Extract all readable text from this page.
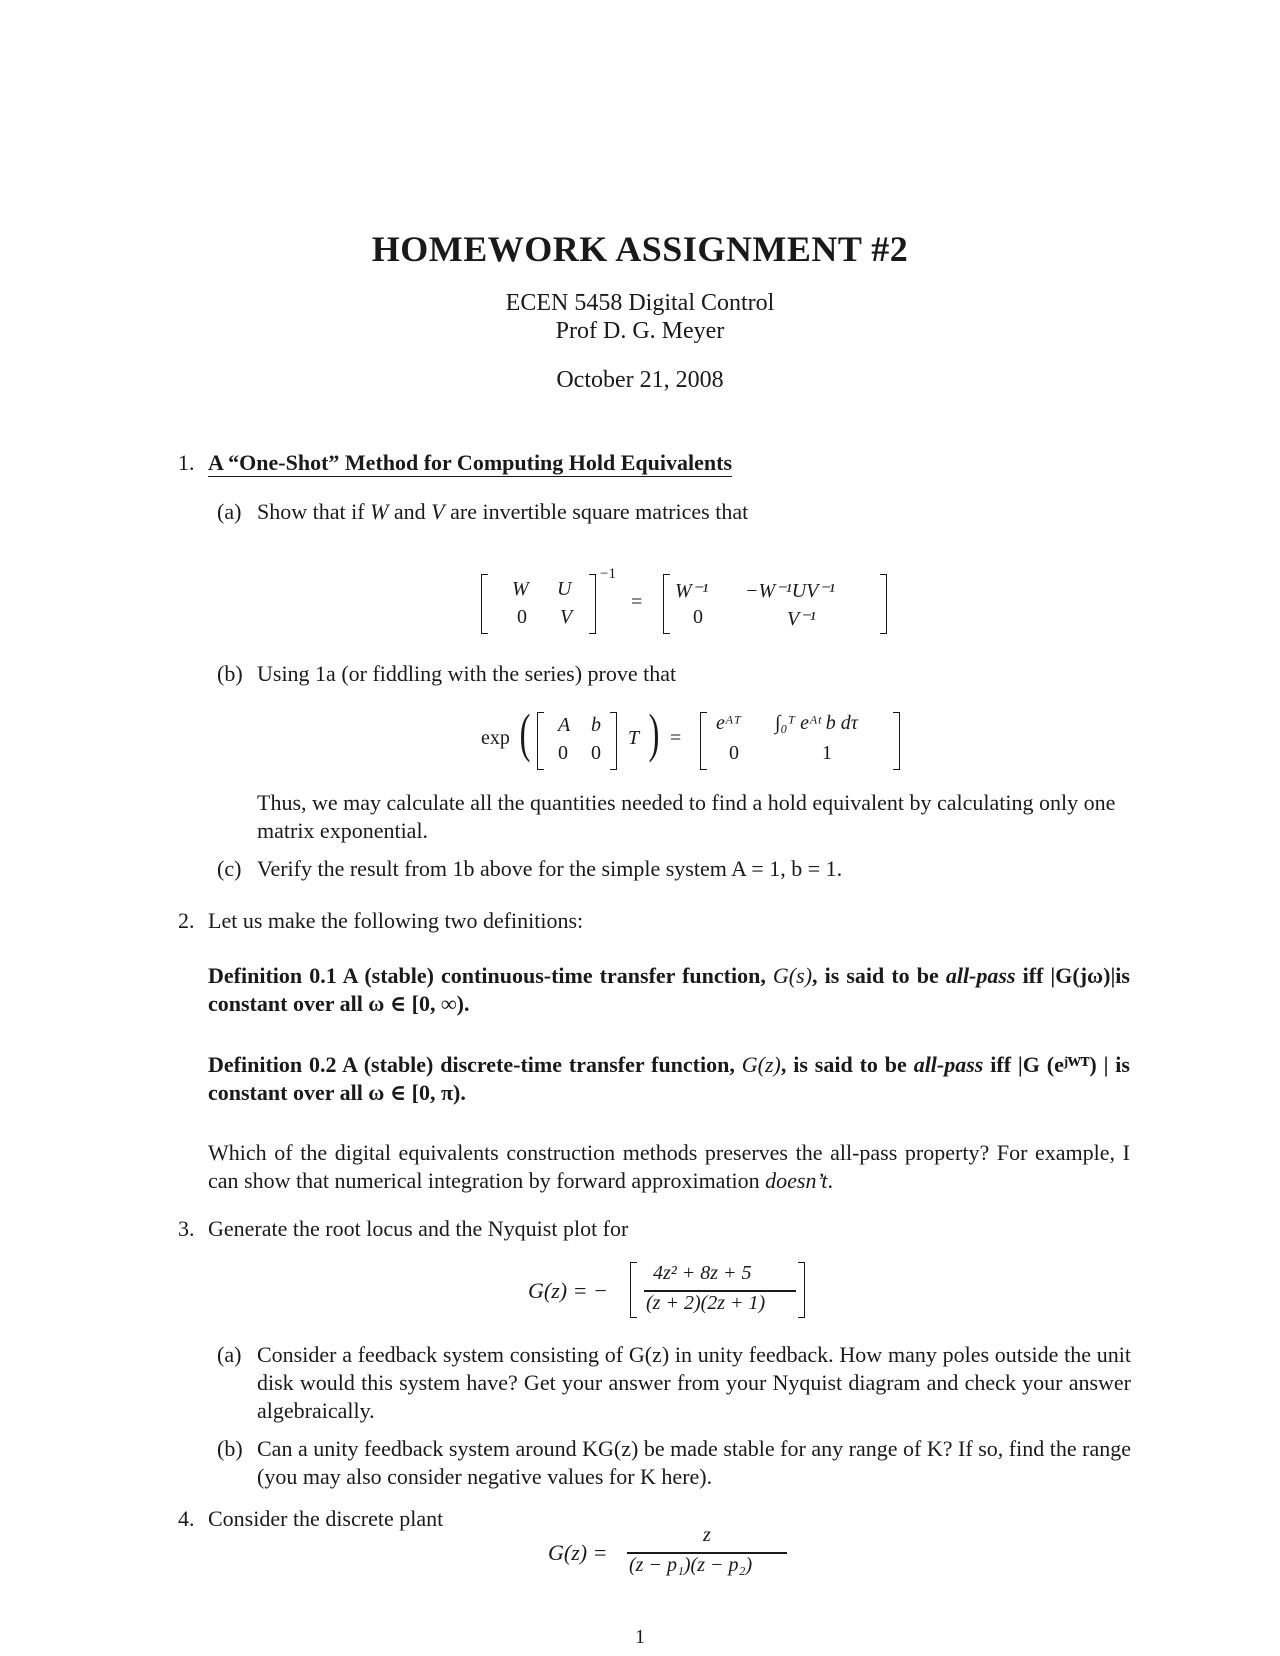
HOMEWORK ASSIGNMENT #2
ECEN 5458 Digital Control
Prof D. G. Meyer
October 21, 2008
1. A “One-Shot” Method for Computing Hold Equivalents
(a) Show that if W and V are invertible square matrices that
W U
0 V
−1
= W⁻¹
0
−W⁻¹UV⁻¹
V⁻¹
(b) Using 1a (or fiddling with the series) prove that
exp ( A b
0 0
T ) =
eᴬᵀ
0
∫₀ᵀ eᴬᵗ b dτ
1
Thus, we may calculate all the quantities needed to find a hold equivalent by calculating only one matrix exponential.
(c) Verify the result from 1b above for the simple system A = 1, b = 1.
2. Let us make the following two definitions:
Definition 0.1 A (stable) continuous-time transfer function, G(s), is said to be all-pass iff |G(jω)|is constant over all ω ∈ [0, ∞).
Definition 0.2 A (stable) discrete-time transfer function, G(z), is said to be all-pass iff |G (eʲᵂᵀ) | is constant over all ω ∈ [0, π).
Which of the digital equivalents construction methods preserves the all-pass property? For example, I can show that numerical integration by forward approximation doesn’t.
3. Generate the root locus and the Nyquist plot for
G(z) = −
4z² + 8z + 5
(z + 2)(2z + 1)
(a) Consider a feedback system consisting of G(z) in unity feedback. How many poles outside the unit disk would this system have? Get your answer from your Nyquist diagram and check your answer algebraically.
(b) Can a unity feedback system around KG(z) be made stable for any range of K? If so, find the range (you may also consider negative values for K here).
4. Consider the discrete plant
G(z) =
z
(z − p₁)(z − p₂)
1
